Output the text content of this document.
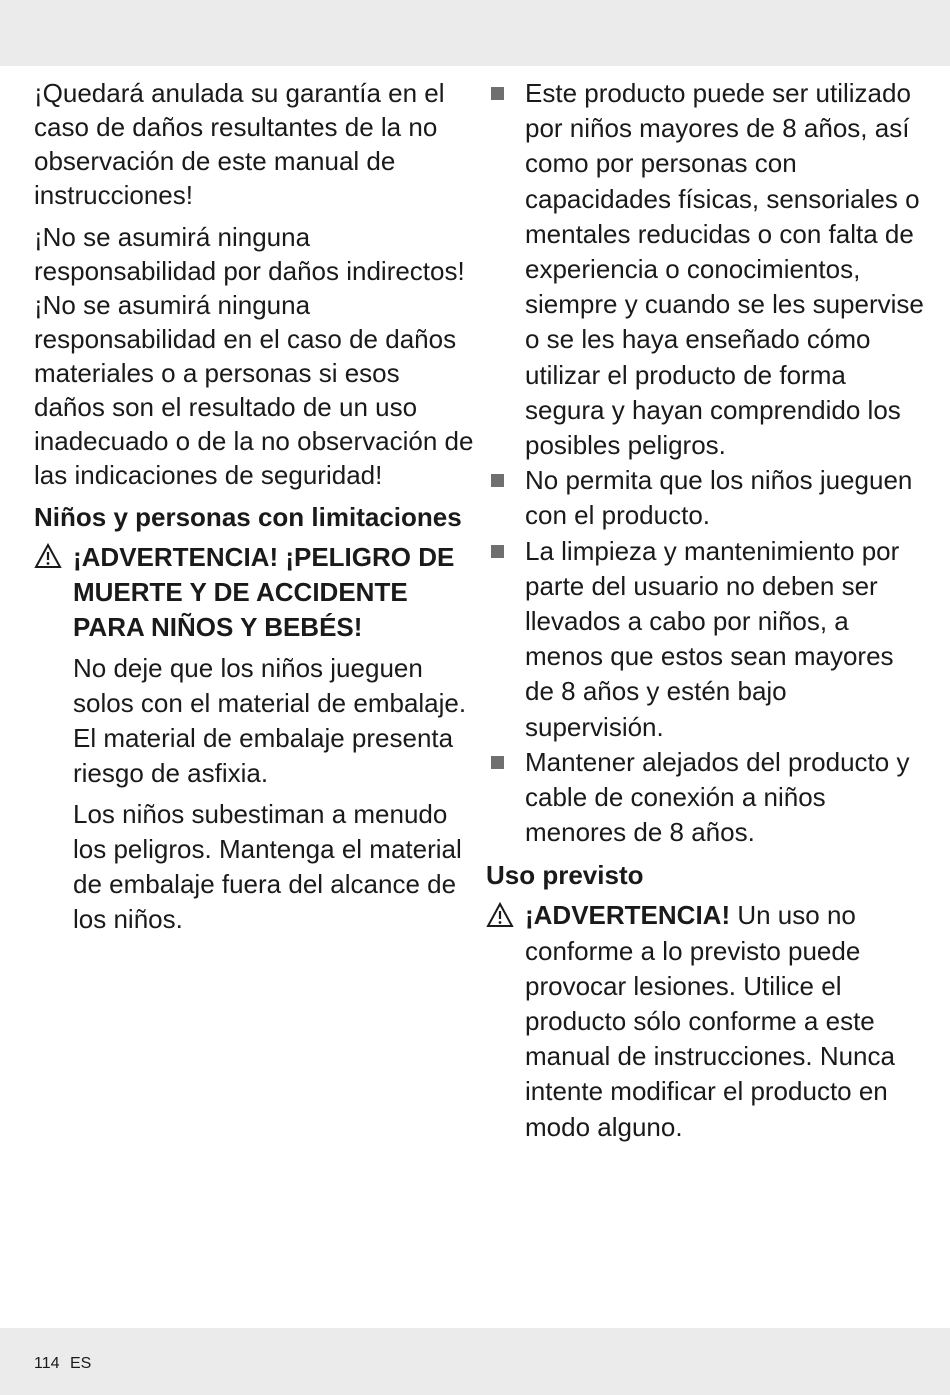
¡Quedará anulada su garantía en el caso de daños resultantes de la no observación de este manual de instrucciones!

¡No se asumirá ninguna responsabilidad por daños indirectos! ¡No se asumirá ninguna responsabilidad en el caso de daños materiales o a personas si esos daños son el resultado de un uso inadecuado o de la no observación de las indicaciones de seguridad!

Niños y personas con limitaciones

¡ADVERTENCIA! ¡PELIGRO DE MUERTE Y DE ACCIDENTE PARA NIÑOS Y BEBÉS!

No deje que los niños jueguen solos con el material de embalaje. El material de embalaje presenta riesgo de asfixia.

Los niños subestiman a menudo los peligros. Mantenga el material de embalaje fuera del alcance de los niños.

Este producto puede ser utilizado por niños mayores de 8 años, así como por personas con capacidades físicas, sensoriales o mentales reducidas o con falta de experiencia o conocimientos, siempre y cuando se les supervise o se les haya enseñado cómo utilizar el producto de forma segura y hayan comprendido los posibles peligros.
No permita que los niños jueguen con el producto.
La limpieza y mantenimiento por parte del usuario no deben ser llevados a cabo por niños, a menos que estos sean mayores de 8 años y estén bajo supervisión.
Mantener alejados del producto y cable de conexión a niños menores de 8 años.

Uso previsto

¡ADVERTENCIA! Un uso no conforme a lo previsto puede provocar lesiones. Utilice el producto sólo conforme a este manual de instrucciones. Nunca intente modificar el producto en modo alguno.
114 ES
